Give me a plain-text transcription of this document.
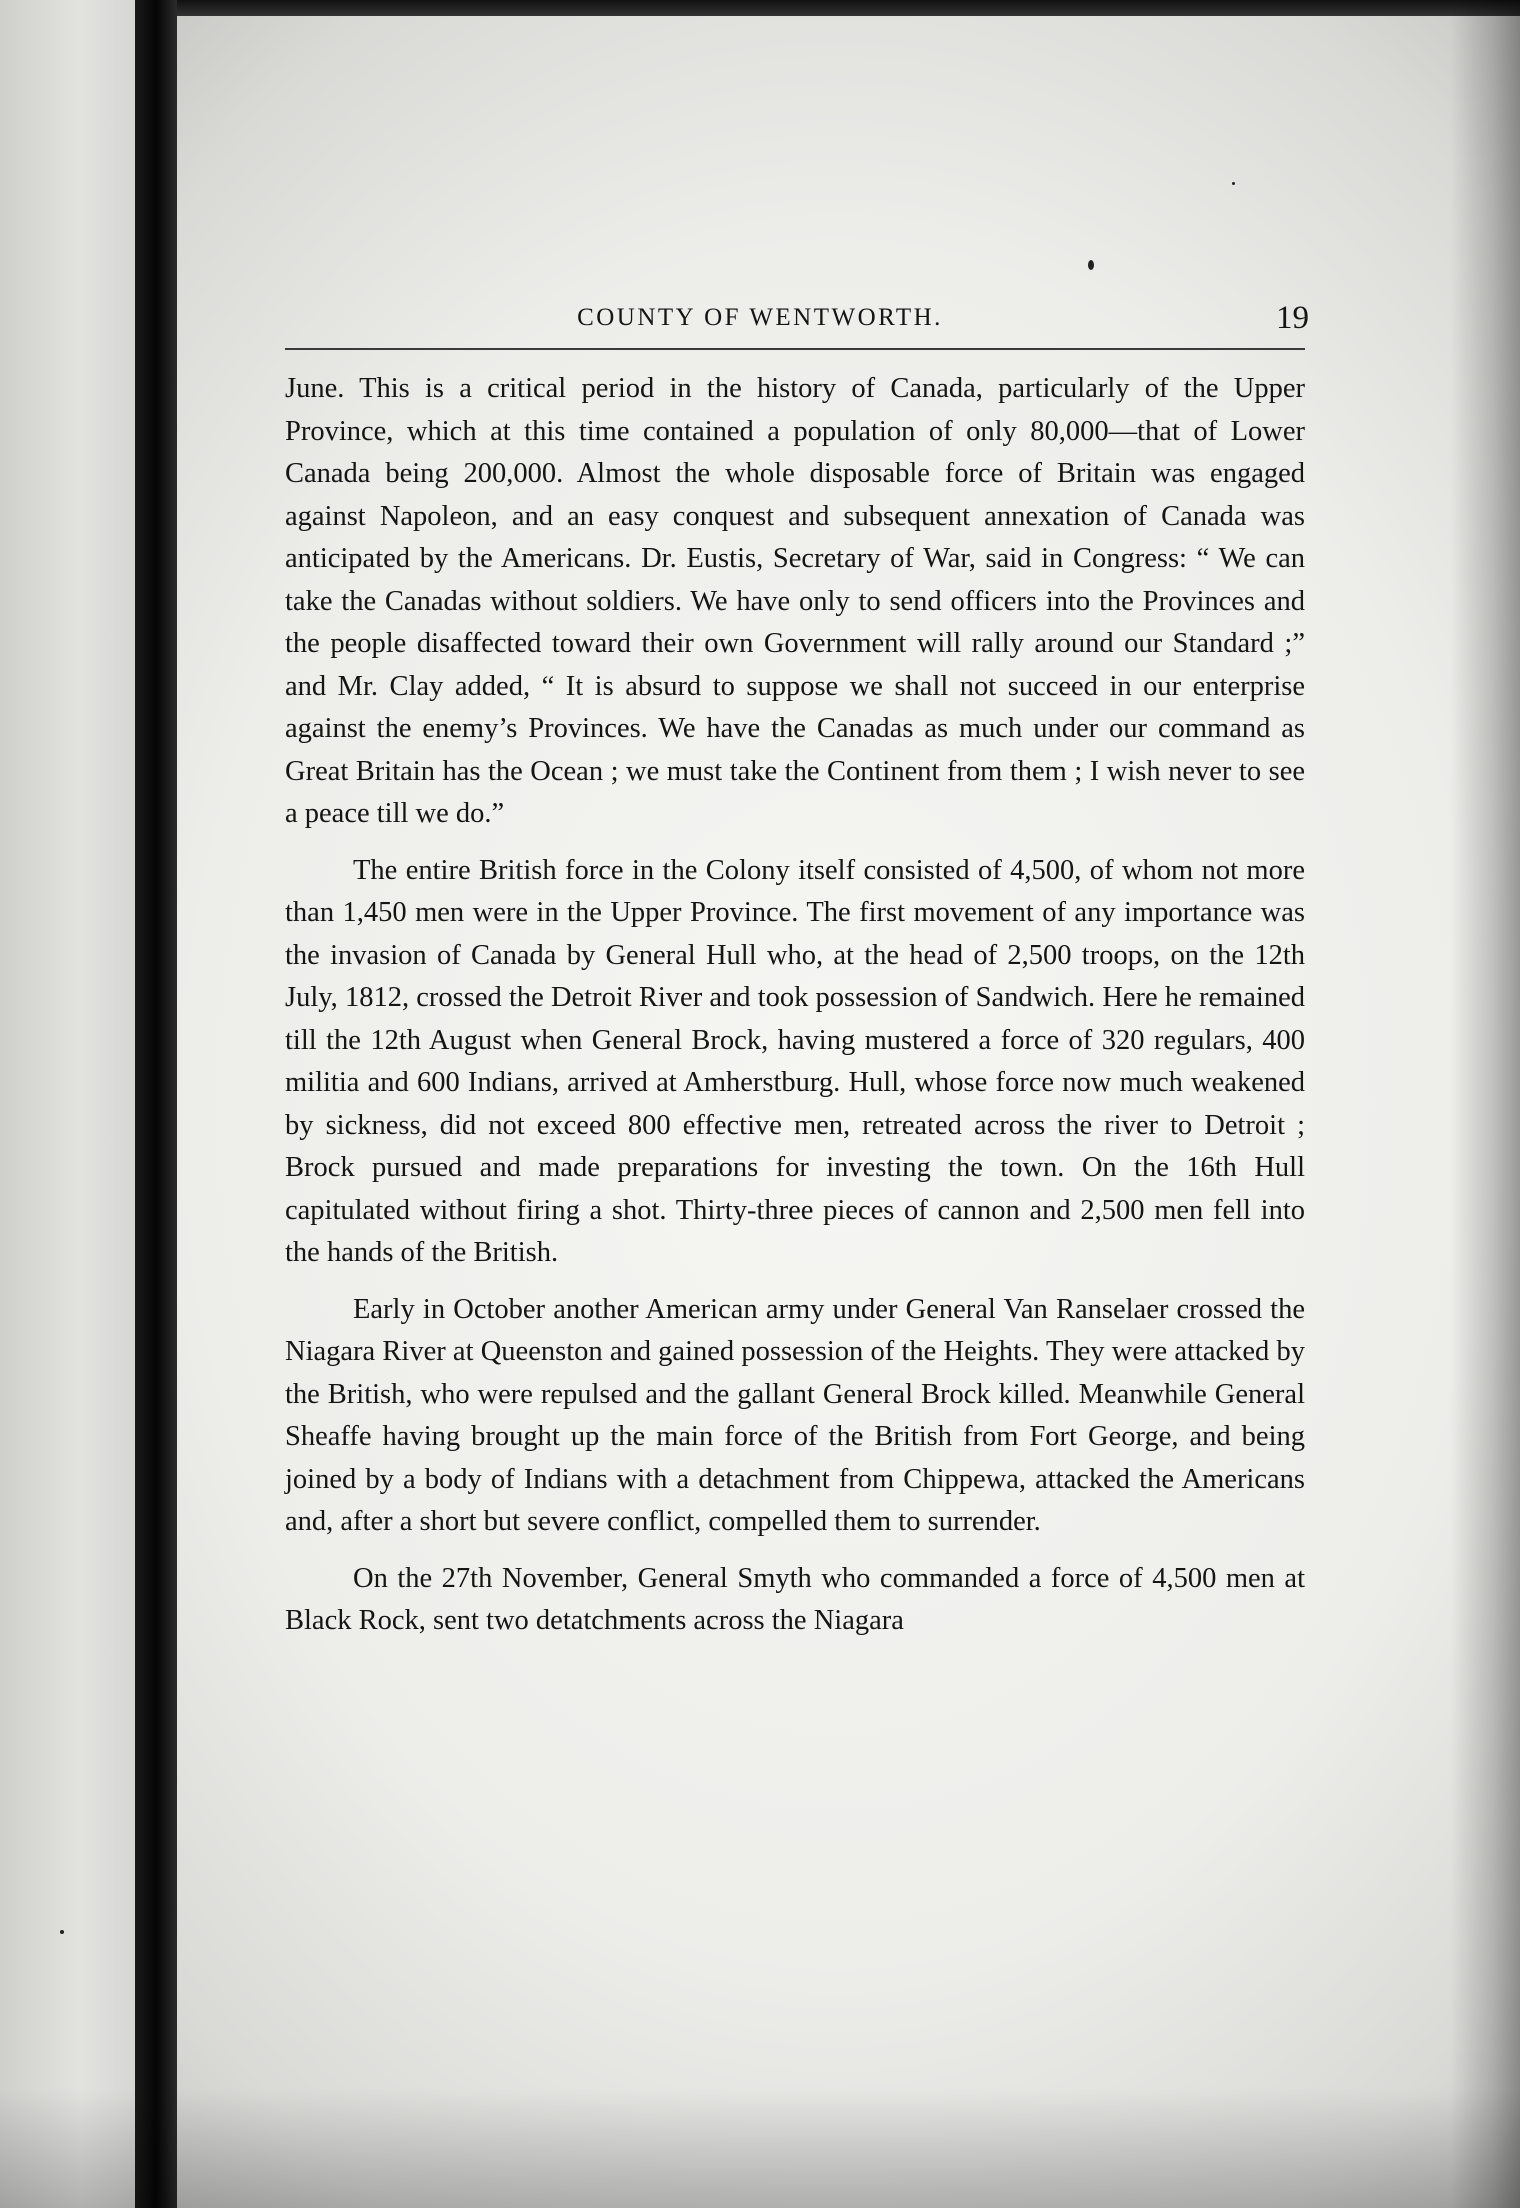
COUNTY OF WENTWORTH.	19

June. This is a critical period in the history of Canada, particularly of the Upper Province, which at this time contained a population of only 80,000—that of Lower Canada being 200,000. Almost the whole disposable force of Britain was engaged against Napoleon, and an easy conquest and subsequent annexation of Canada was anticipated by the Americans. Dr. Eustis, Secretary of War, said in Congress: “ We can take the Canadas without soldiers. We have only to send officers into the Provinces and the people disaffected toward their own Government will rally around our Standard ;” and Mr. Clay added, “ It is absurd to suppose we shall not succeed in our enterprise against the enemy’s Provinces. We have the Canadas as much under our command as Great Britain has the Ocean ; we must take the Continent from them ; I wish never to see a peace till we do.”

The entire British force in the Colony itself consisted of 4,500, of whom not more than 1,450 men were in the Upper Province. The first movement of any importance was the invasion of Canada by General Hull who, at the head of 2,500 troops, on the 12th July, 1812, crossed the Detroit River and took possession of Sandwich. Here he remained till the 12th August when General Brock, having mustered a force of 320 regulars, 400 militia and 600 Indians, arrived at Amherstburg. Hull, whose force now much weakened by sickness, did not exceed 800 effective men, retreated across the river to Detroit ; Brock pursued and made preparations for investing the town. On the 16th Hull capitulated without firing a shot. Thirty-three pieces of cannon and 2,500 men fell into the hands of the British.

Early in October another American army under General Van Ranselaer crossed the Niagara River at Queenston and gained possession of the Heights. They were attacked by the British, who were repulsed and the gallant General Brock killed. Meanwhile General Sheaffe having brought up the main force of the British from Fort George, and being joined by a body of Indians with a detachment from Chippewa, attacked the Americans and, after a short but severe conflict, compelled them to surrender.

On the 27th November, General Smyth who commanded a force of 4,500 men at Black Rock, sent two detatchments across the Niagara
